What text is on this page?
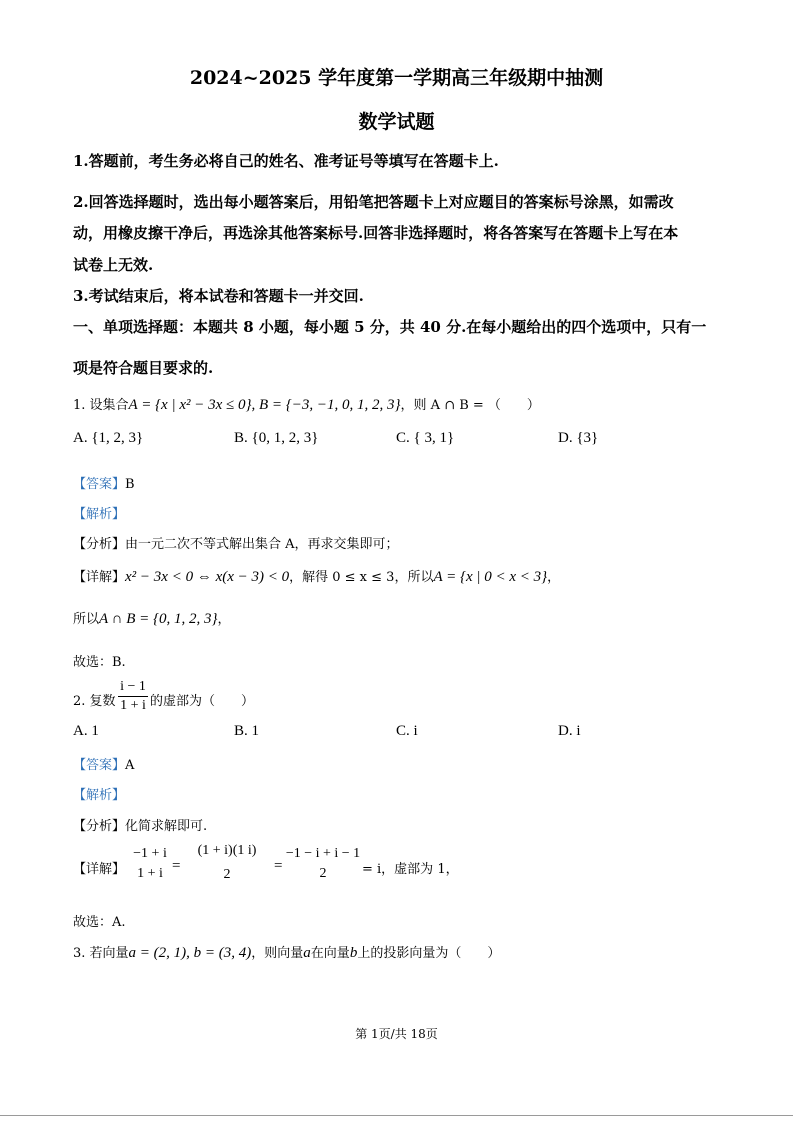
2024~2025 学年度第一学期高三年级期中抽测
数学试题
1.答题前，考生务必将自己的姓名、准考证号等填写在答题卡上.
2.回答选择题时，选出每小题答案后，用铅笔把答题卡上对应题目的答案标号涂黑，如需改
动，用橡皮擦干净后，再选涂其他答案标号.回答非选择题时，将各答案写在答题卡上写在本
试卷上无效.
3.考试结束后，将本试卷和答题卡一并交回.
一、单项选择题：本题共 8 小题，每小题 5 分，共 40 分.在每小题给出的四个选项中，只有一
项是符合题目要求的.
1. 设集合A = {x | x² − 3x ≤ 0}, B = {−3, −1, 0, 1, 2, 3}，则 A ∩ B = （　　）
A. {1, 2, 3}	B. {0, 1, 2, 3}	C. { 3, 1}	D. {3}
【答案】B
【解析】
【分析】由一元二次不等式解出集合 A，再求交集即可；
【详解】x² − 3x < 0 ⇔ x(x − 3) < 0，解得 0 ≤ x ≤ 3，所以A = {x | 0 < x < 3}，
所以A ∩ B = {0, 1, 2, 3}，
故选：B.
2. 复数
i − 1
1 + i 的虚部为（　　）
A. 1	B. 1	C. i	D. i
【答案】A
【解析】
【分析】化简求解即可.
【详解】
−1 + i
1 + i =
(1 + i)(1 i)
2
=
−1 − i + i − 1
2	= i，虚部为 1，
故选：A.
3. 若向量a = (2, 1), b = (3, 4)，则向量a在向量b上的投影向量为（　　）
第 1页/共 18页
